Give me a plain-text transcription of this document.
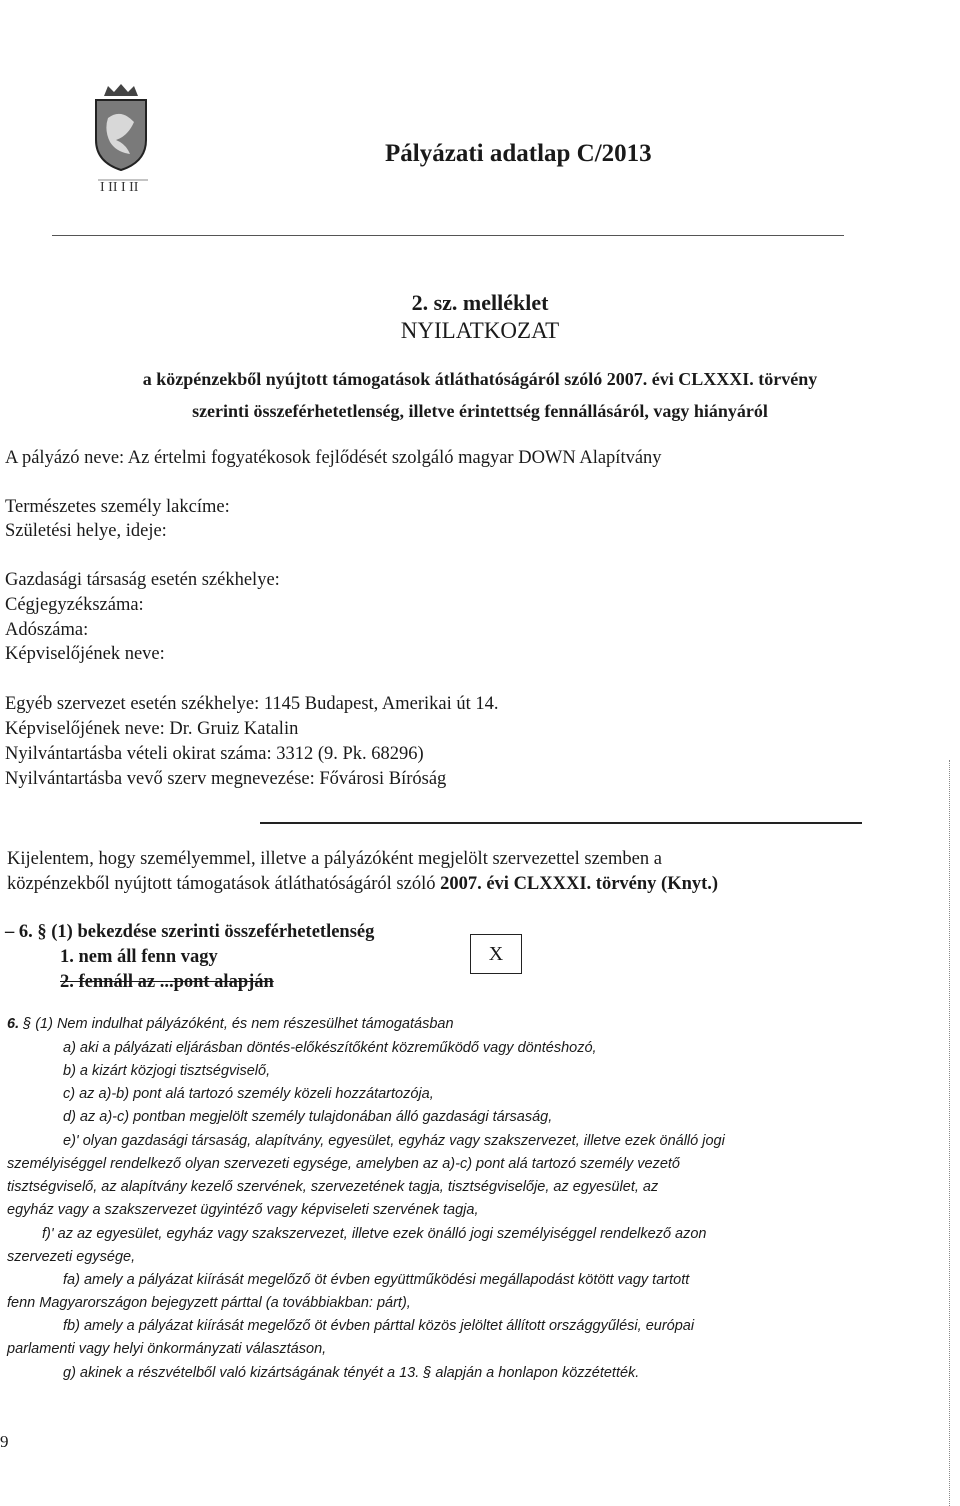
I II I II
Pályázati adatlap C/2013
2. sz. melléklet
NYILATKOZAT
a közpénzekből nyújtott támogatások átláthatóságáról szóló 2007. évi CLXXXI. törvény
szerinti összeférhetetlenség, illetve érintettség fennállásáról, vagy hiányáról
A pályázó neve: Az értelmi fogyatékosok fejlődését szolgáló magyar DOWN Alapítvány
Természetes személy lakcíme:
Születési helye, ideje:
Gazdasági társaság esetén székhelye:
Cégjegyzékszáma:
Adószáma:
Képviselőjének neve:
Egyéb szervezet esetén székhelye: 1145 Budapest, Amerikai út 14.
Képviselőjének neve: Dr. Gruiz Katalin
Nyilvántartásba vételi okirat száma: 3312 (9. Pk. 68296)
Nyilvántartásba vevő szerv megnevezése: Fővárosi Bíróság
Kijelentem, hogy személyemmel, illetve a pályázóként megjelölt szervezettel szemben a
közpénzekből nyújtott támogatások átláthatóságáról szóló 2007. évi CLXXXI. törvény (Knyt.)
– 6. § (1) bekezdése szerinti összeférhetetlenség
1. nem áll fenn vagy
2. fennáll az ...pont alapján
X
6. § (1) Nem indulhat pályázóként, és nem részesülhet támogatásban
a) aki a pályázati eljárásban döntés-előkészítőként közreműködő vagy döntéshozó,
b) a kizárt közjogi tisztségviselő,
c) az a)-b) pont alá tartozó személy közeli hozzátartozója,
d) az a)-c) pontban megjelölt személy tulajdonában álló gazdasági társaság,
e)' olyan gazdasági társaság, alapítvány, egyesület, egyház vagy szakszervezet, illetve ezek önálló jogi
személyiséggel rendelkező olyan szervezeti egysége, amelyben az a)-c) pont alá tartozó személy vezető
tisztségviselő, az alapítvány kezelő szervének, szervezetének tagja, tisztségviselője, az egyesület, az
egyház vagy a szakszervezet ügyintéző vagy képviseleti szervének tagja,
f)' az az egyesület, egyház vagy szakszervezet, illetve ezek önálló jogi személyiséggel rendelkező azon
szervezeti egysége,
fa) amely a pályázat kiírását megelőző öt évben együttműködési megállapodást kötött vagy tartott
fenn Magyarországon bejegyzett párttal (a továbbiakban: párt),
fb) amely a pályázat kiírását megelőző öt évben párttal közös jelöltet állított országgyűlési, európai
parlamenti vagy helyi önkormányzati választáson,
g) akinek a részvételből való kizártságának tényét a 13. § alapján a honlapon közzétették.
9
